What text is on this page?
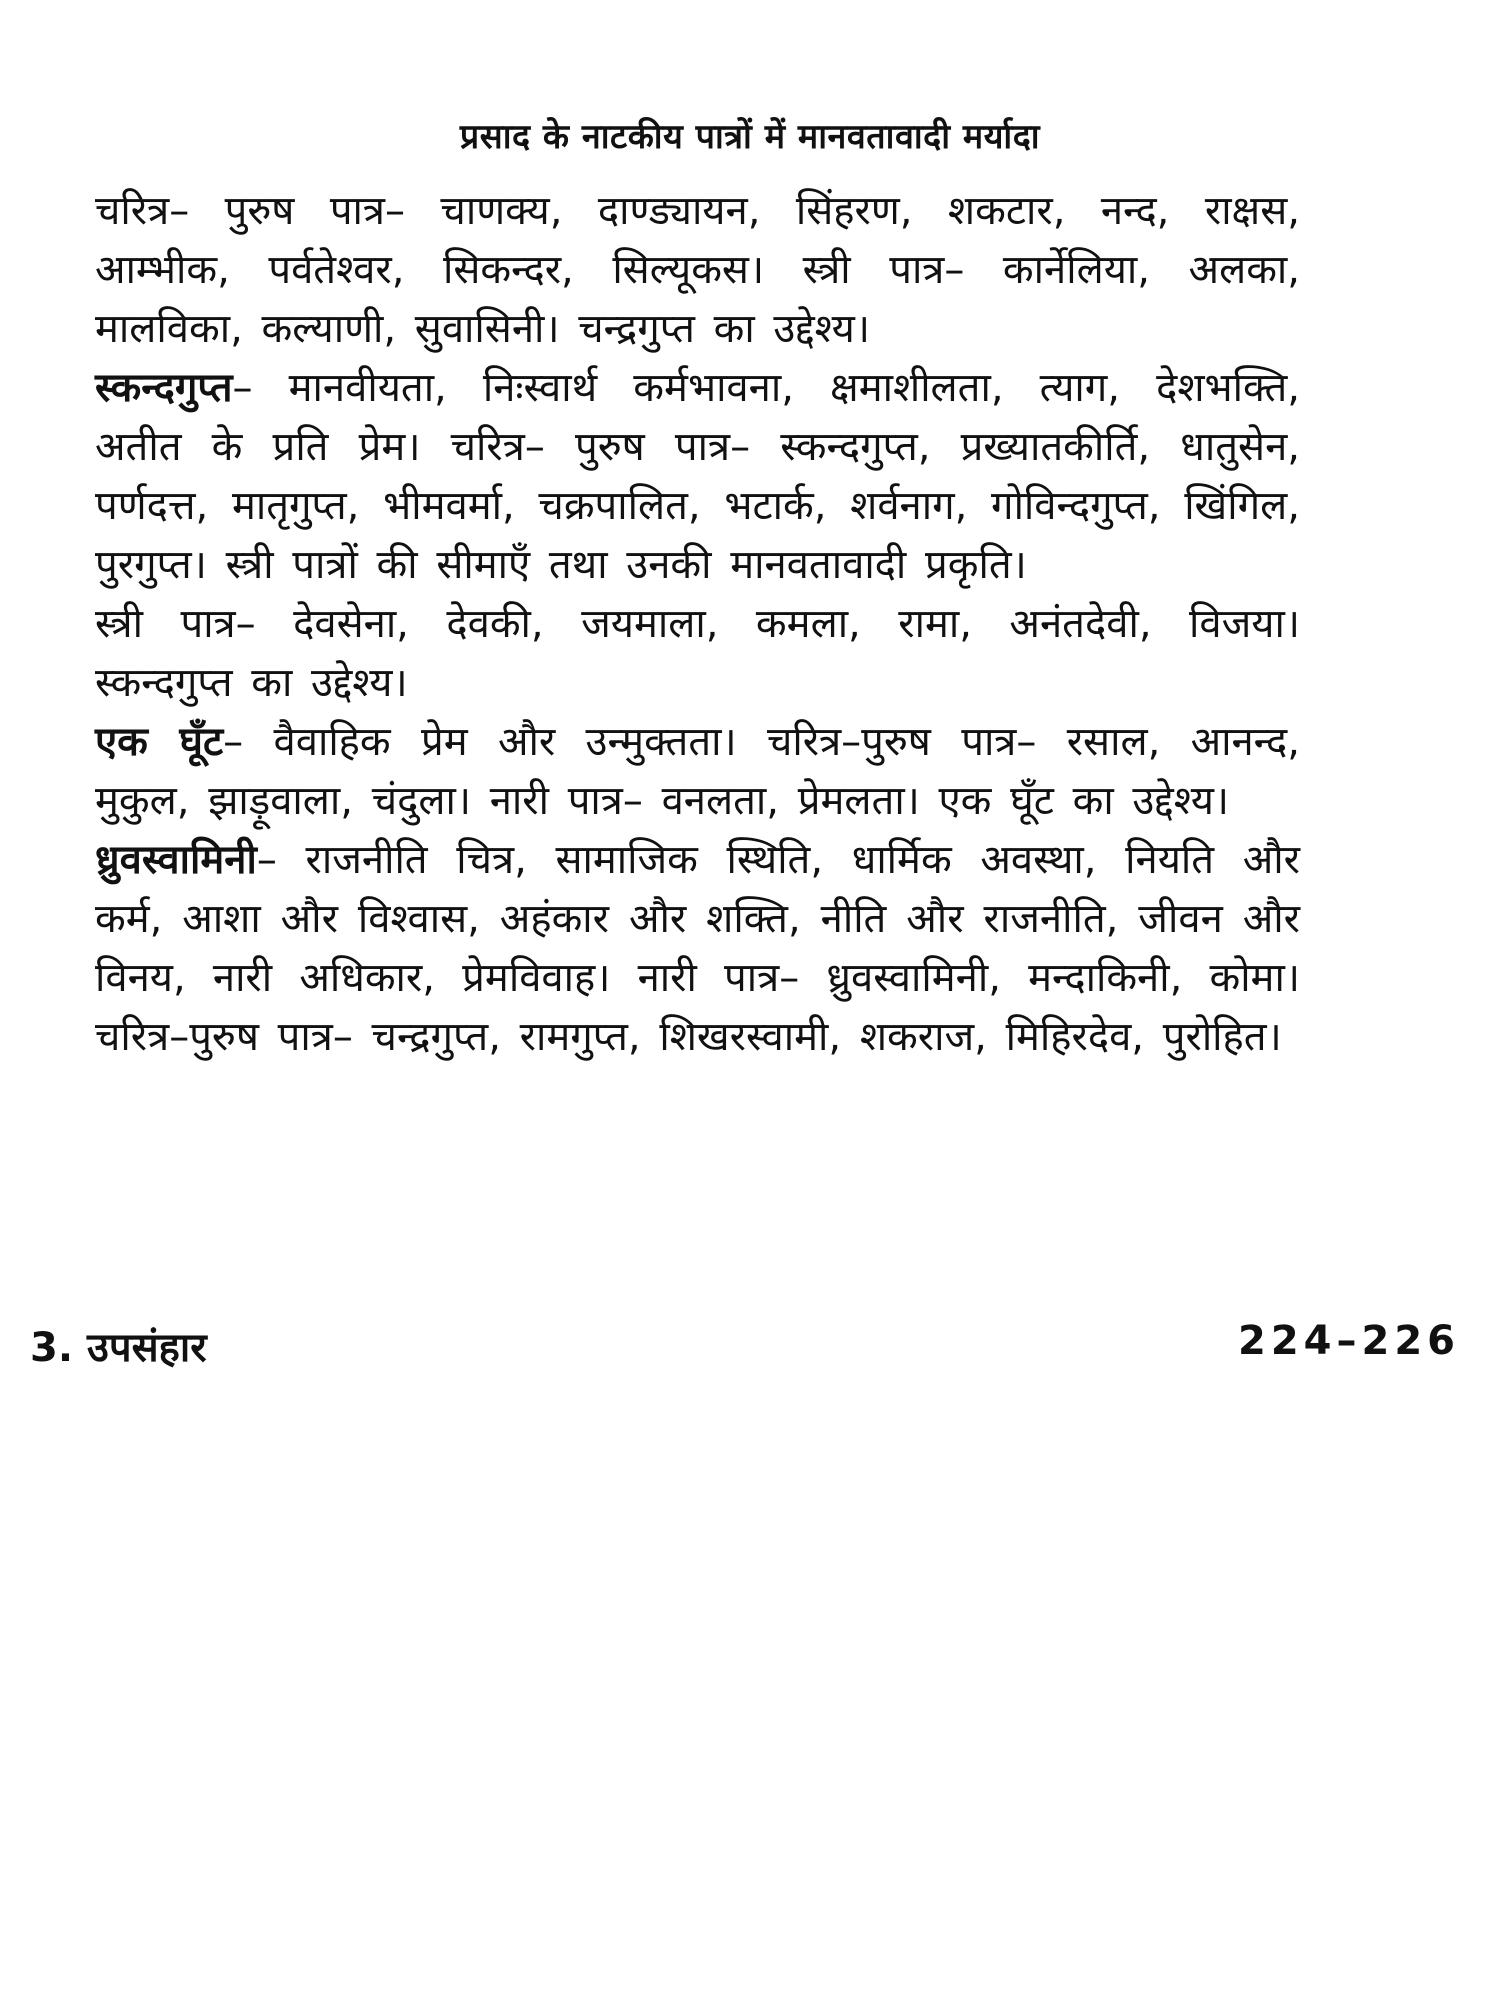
प्रसाद के नाटकीय पात्रों में मानवतावादी मर्यादा

चरित्र– पुरुष पात्र– चाणक्य, दाण्ड्यायन, सिंहरण, शकटार, नन्द, राक्षस, आम्भीक, पर्वतेश्वर, सिकन्दर, सिल्यूकस। स्त्री पात्र– कार्नेलिया, अलका, मालविका, कल्याणी, सुवासिनी। चन्द्रगुप्त का उद्देश्य।

स्कन्दगुप्त– मानवीयता, निःस्वार्थ कर्मभावना, क्षमाशीलता, त्याग, देशभक्ति, अतीत के प्रति प्रेम। चरित्र– पुरुष पात्र– स्कन्दगुप्त, प्रख्यातकीर्ति, धातुसेन, पर्णदत्त, मातृगुप्त, भीमवर्मा, चक्रपालित, भटार्क, शर्वनाग, गोविन्दगुप्त, खिंगिल, पुरगुप्त। स्त्री पात्रों की सीमाएँ तथा उनकी मानवतावादी प्रकृति।

स्त्री पात्र– देवसेना, देवकी, जयमाला, कमला, रामा, अनंतदेवी, विजया। स्कन्दगुप्त का उद्देश्य।

एक घूँट– वैवाहिक प्रेम और उन्मुक्तता। चरित्र–पुरुष पात्र– रसाल, आनन्द, मुकुल, झाड़ूवाला, चंदुला। नारी पात्र– वनलता, प्रेमलता। एक घूँट का उद्देश्य।

ध्रुवस्वामिनी– राजनीति चित्र, सामाजिक स्थिति, धार्मिक अवस्था, नियति और कर्म, आशा और विश्वास, अहंकार और शक्ति, नीति और राजनीति, जीवन और विनय, नारी अधिकार, प्रेमविवाह। नारी पात्र– ध्रुवस्वामिनी, मन्दाकिनी, कोमा। चरित्र–पुरुष पात्र– चन्द्रगुप्त, रामगुप्त, शिखरस्वामी, शकराज, मिहिरदेव, पुरोहित।

3. उपसंहार	224–226
